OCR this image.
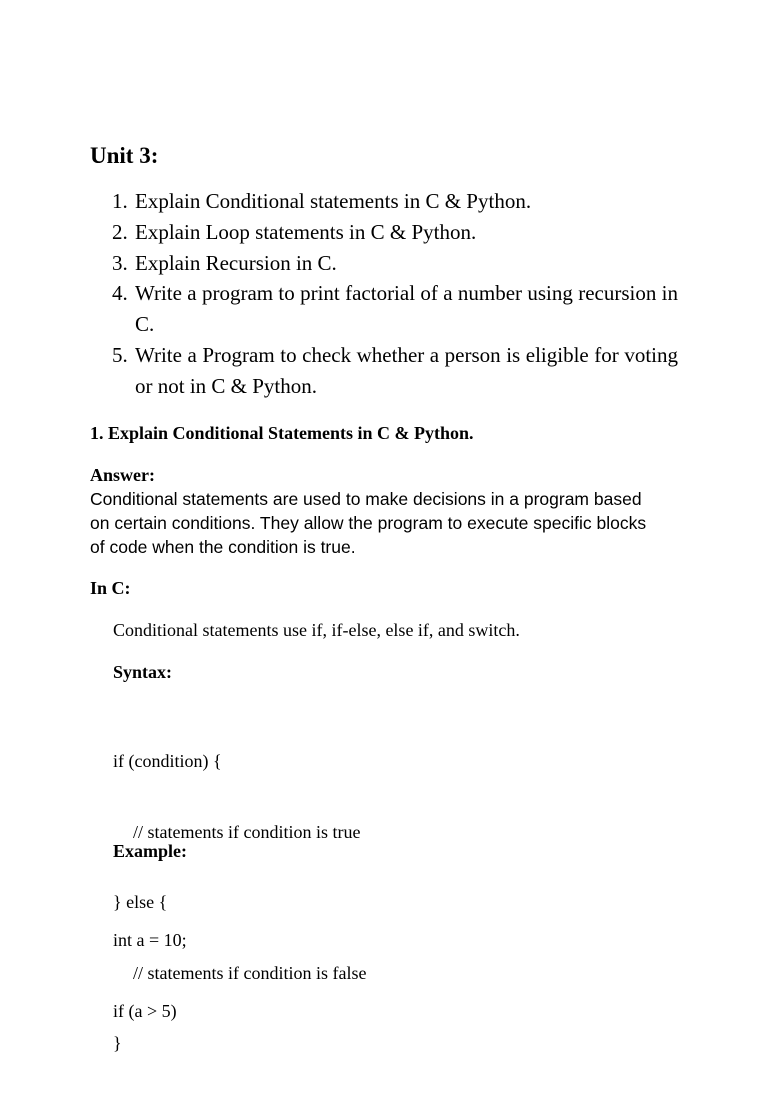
Unit 3:
1. Explain Conditional statements in C & Python.
2. Explain Loop statements in C & Python.
3. Explain Recursion in C.
4. Write a program to print factorial of a number using recursion in C.
5. Write a Program to check whether a person is eligible for voting or not in C & Python.
1. Explain Conditional Statements in C & Python.
Answer:
Conditional statements are used to make decisions in a program based
on certain conditions. They allow the program to execute specific blocks
of code when the condition is true.
In C:
Conditional statements use if, if-else, else if, and switch.
Syntax:

if (condition) {

// statements if condition is true

} else {

// statements if condition is false

}

Example:

int a = 10;

if (a > 5)
